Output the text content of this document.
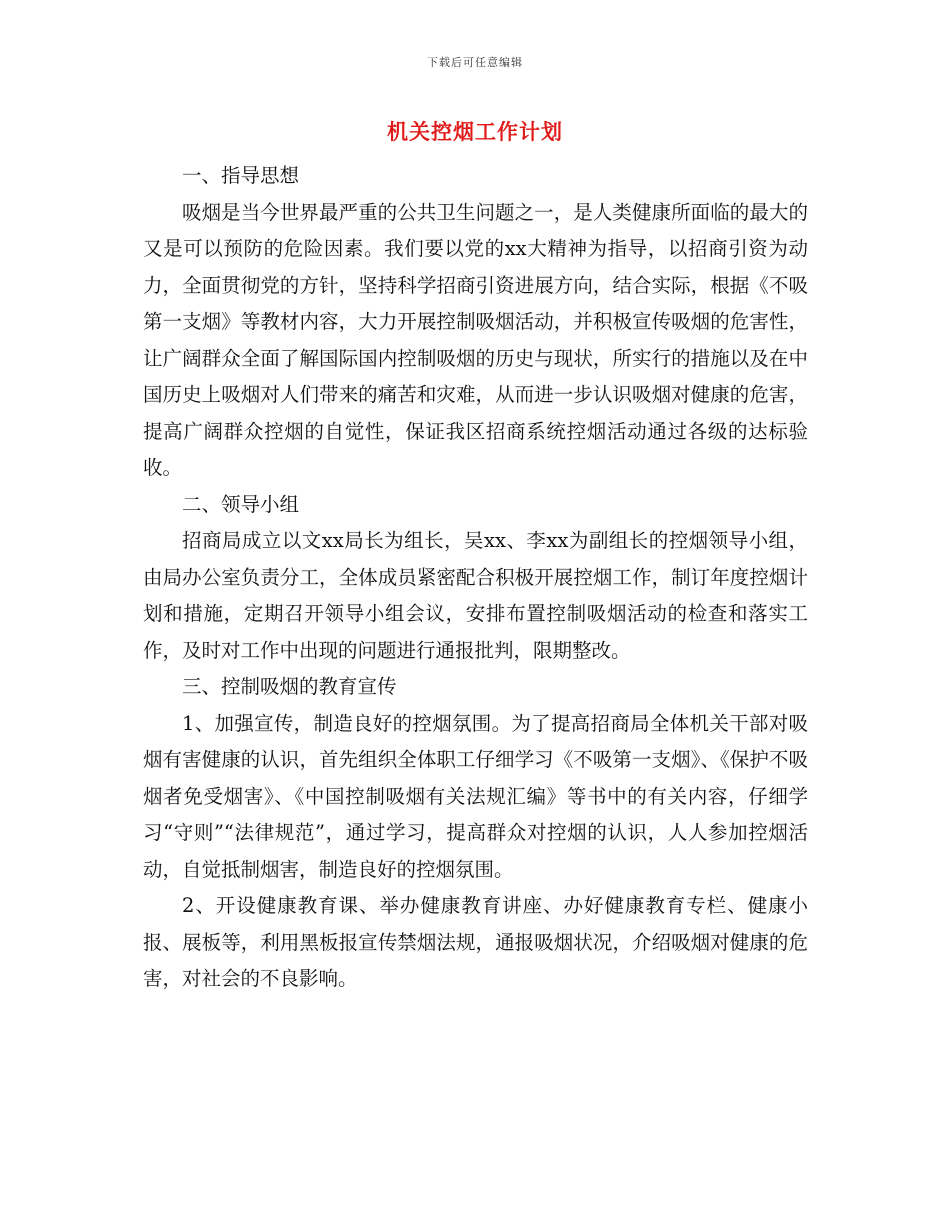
下载后可任意编辑
机关控烟工作计划

一、指导思想

吸烟是当今世界最严重的公共卫生问题之一，是人类健康所面临的最大的又是可以预防的危险因素。我们要以党的xx大精神为指导，以招商引资为动力，全面贯彻党的方针，坚持科学招商引资进展方向，结合实际，根据《不吸第一支烟》等教材内容，大力开展控制吸烟活动，并积极宣传吸烟的危害性，让广阔群众全面了解国际国内控制吸烟的历史与现状，所实行的措施以及在中国历史上吸烟对人们带来的痛苦和灾难，从而进一步认识吸烟对健康的危害，提高广阔群众控烟的自觉性，保证我区招商系统控烟活动通过各级的达标验收。

二、领导小组

招商局成立以文xx局长为组长，吴xx、李xx为副组长的控烟领导小组，由局办公室负责分工，全体成员紧密配合积极开展控烟工作，制订年度控烟计划和措施，定期召开领导小组会议，安排布置控制吸烟活动的检查和落实工作，及时对工作中出现的问题进行通报批判，限期整改。

三、控制吸烟的教育宣传

1、加强宣传，制造良好的控烟氛围。为了提高招商局全体机关干部对吸烟有害健康的认识，首先组织全体职工仔细学习《不吸第一支烟》、《保护不吸烟者免受烟害》、《中国控制吸烟有关法规汇编》等书中的有关内容，仔细学习“守则”“法律规范”，通过学习，提高群众对控烟的认识，人人参加控烟活动，自觉抵制烟害，制造良好的控烟氛围。

2、开设健康教育课、举办健康教育讲座、办好健康教育专栏、健康小报、展板等，利用黑板报宣传禁烟法规，通报吸烟状况，介绍吸烟对健康的危害，对社会的不良影响。
